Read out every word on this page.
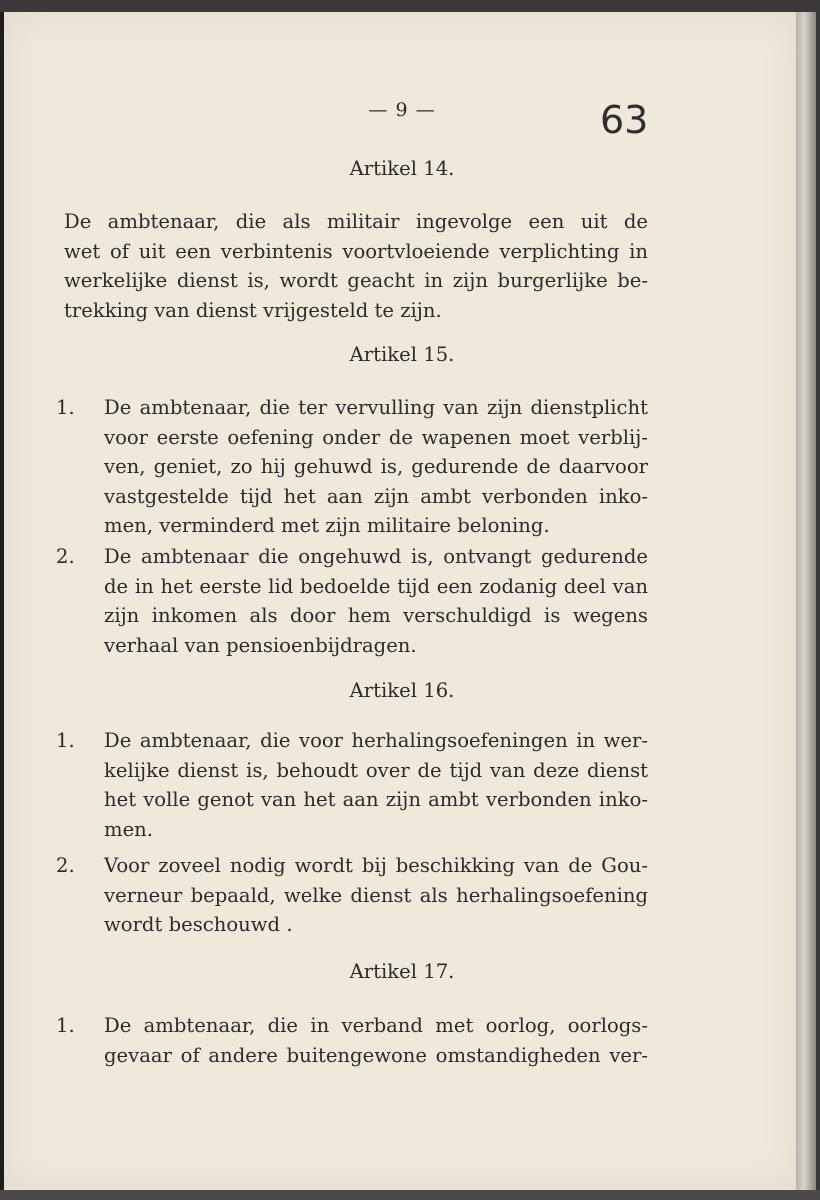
— 9 —	63
Artikel 14.
De ambtenaar, die als militair ingevolge een uit de
wet of uit een verbintenis voortvloeiende verplichting in
werkelijke dienst is, wordt geacht in zijn burgerlijke be-
trekking van dienst vrijgesteld te zijn.
Artikel 15.
1. De ambtenaar, die ter vervulling van zijn dienstplicht
voor eerste oefening onder de wapenen moet verblij-
ven, geniet, zo hij gehuwd is, gedurende de daarvoor
vastgestelde tijd het aan zijn ambt verbonden inko-
men, verminderd met zijn militaire beloning.
2. De ambtenaar die ongehuwd is, ontvangt gedurende
de in het eerste lid bedoelde tijd een zodanig deel van
zijn inkomen als door hem verschuldigd is wegens
verhaal van pensioenbijdragen.
Artikel 16.
1. De ambtenaar, die voor herhalingsoefeningen in wer-
kelijke dienst is, behoudt over de tijd van deze dienst
het volle genot van het aan zijn ambt verbonden inko-
men.
2. Voor zoveel nodig wordt bij beschikking van de Gou-
verneur bepaald, welke dienst als herhalingsoefening
wordt beschouwd .
Artikel 17.
1. De ambtenaar, die in verband met oorlog, oorlogs-
gevaar of andere buitengewone omstandigheden ver-
